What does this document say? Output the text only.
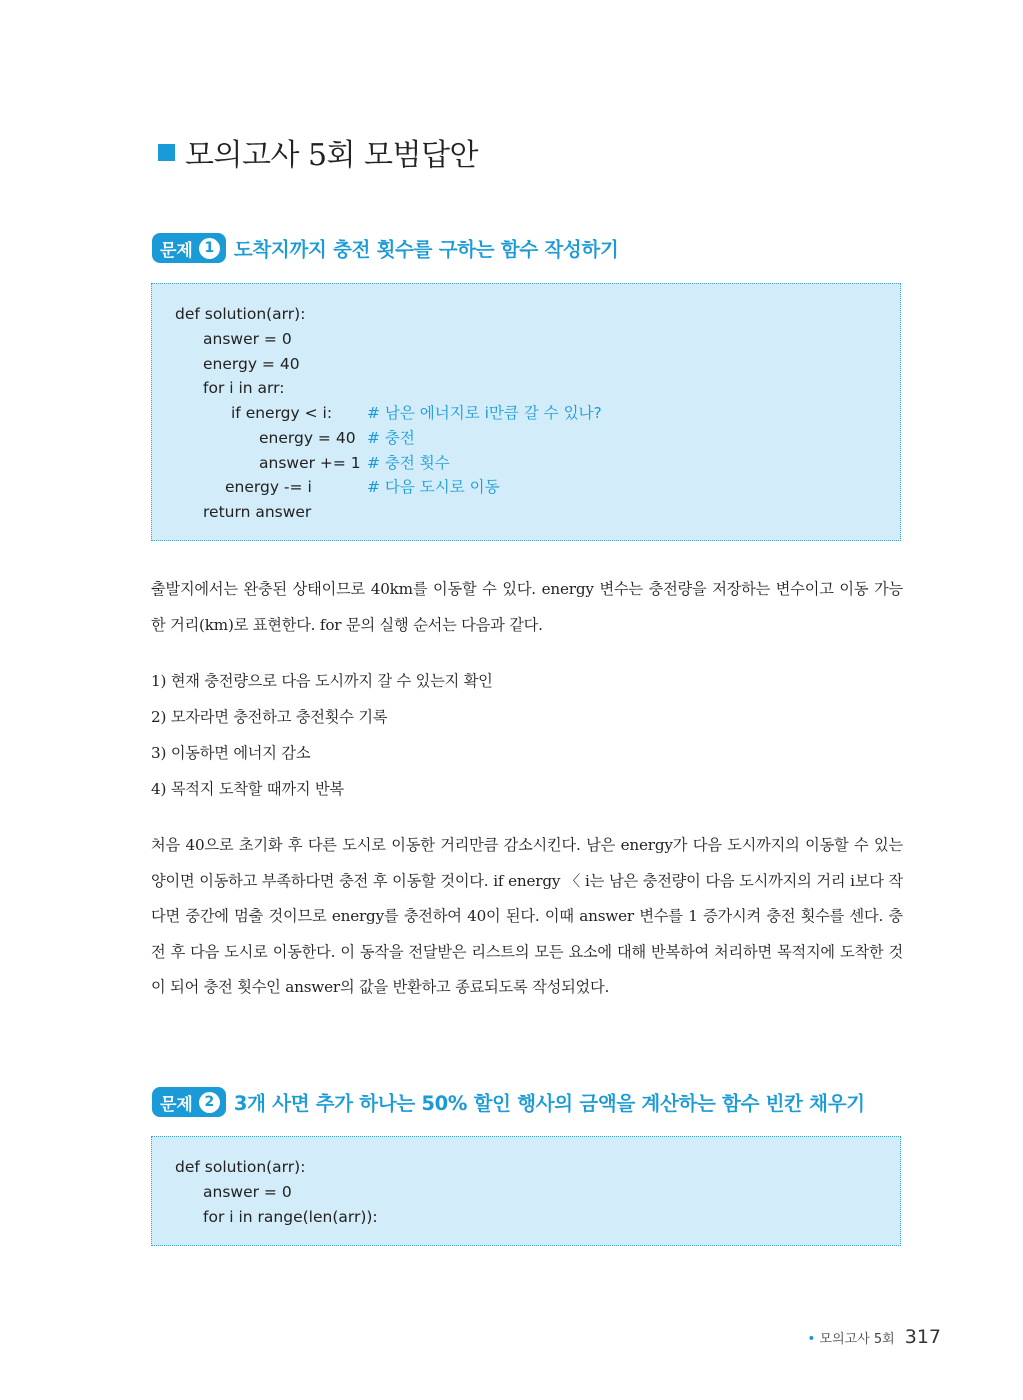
모의고사 5회 모범답안
문제 1 도착지까지 충전 횟수를 구하는 함수 작성하기
def solution(arr):
answer = 0
energy = 40
for i in arr:
if energy < i:
energy = 40
answer += 1
energy -= i
return answer
# 남은 에너지로 i만큼 갈 수 있나?
# 충전
# 충전 횟수
# 다음 도시로 이동

출발지에서는 완충된 상태이므로 40km를 이동할 수 있다. energy 변수는 충전량을 저장하는 변수이고 이동 가능한 거리(km)로 표현한다. for 문의 실행 순서는 다음과 같다.

1) 현재 충전량으로 다음 도시까지 갈 수 있는지 확인
2) 모자라면 충전하고 충전횟수 기록
3) 이동하면 에너지 감소
4) 목적지 도착할 때까지 반복

처음 40으로 초기화 후 다른 도시로 이동한 거리만큼 감소시킨다. 남은 energy가 다음 도시까지의 이동할 수 있는 양이면 이동하고 부족하다면 충전 후 이동할 것이다. if energy 〈 i는 남은 충전량이 다음 도시까지의 거리 i보다 작다면 중간에 멈출 것이므로 energy를 충전하여 40이 된다. 이때 answer 변수를 1 증가시켜 충전 횟수를 센다. 충전 후 다음 도시로 이동한다. 이 동작을 전달받은 리스트의 모든 요소에 대해 반복하여 처리하면 목적지에 도착한 것이 되어 충전 횟수인 answer의 값을 반환하고 종료되도록 작성되었다.

문제 2 3개 사면 추가 하나는 50% 할인 행사의 금액을 계산하는 함수 빈칸 채우기
def solution(arr):
answer = 0
for i in range(len(arr)):
• 모의고사 5회 317
